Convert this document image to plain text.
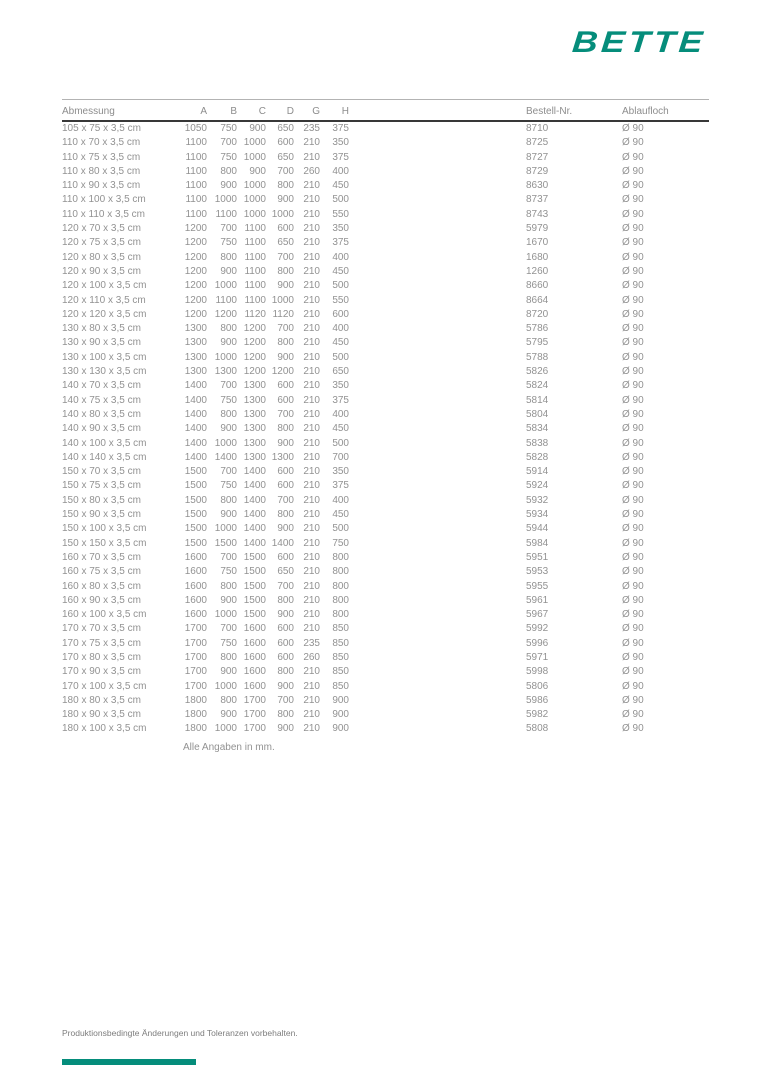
BETTE
Abmessung	A	B	C	D	G	H		Bestell-Nr.	Ablaufloch
105 x 75 x 3,5 cm	1050	750	900	650	235	375		8710	Ø 90
110 x 70 x 3,5 cm	1100	700	1000	600	210	350		8725	Ø 90
110 x 75 x 3,5 cm	1100	750	1000	650	210	375		8727	Ø 90
110 x 80 x 3,5 cm	1100	800	900	700	260	400		8729	Ø 90
110 x 90 x 3,5 cm	1100	900	1000	800	210	450		8630	Ø 90
110 x 100 x 3,5 cm	1100	1000	1000	900	210	500		8737	Ø 90
110 x 110 x 3,5 cm	1100	1100	1000	1000	210	550		8743	Ø 90
120 x 70 x 3,5 cm	1200	700	1100	600	210	350		5979	Ø 90
120 x 75 x 3,5 cm	1200	750	1100	650	210	375		1670	Ø 90
120 x 80 x 3,5 cm	1200	800	1100	700	210	400		1680	Ø 90
120 x 90 x 3,5 cm	1200	900	1100	800	210	450		1260	Ø 90
120 x 100 x 3,5 cm	1200	1000	1100	900	210	500		8660	Ø 90
120 x 110 x 3,5 cm	1200	1100	1100	1000	210	550		8664	Ø 90
120 x 120 x 3,5 cm	1200	1200	1120	1120	210	600		8720	Ø 90
130 x 80 x 3,5 cm	1300	800	1200	700	210	400		5786	Ø 90
130 x 90 x 3,5 cm	1300	900	1200	800	210	450		5795	Ø 90
130 x 100 x 3,5 cm	1300	1000	1200	900	210	500		5788	Ø 90
130 x 130 x 3,5 cm	1300	1300	1200	1200	210	650		5826	Ø 90
140 x 70 x 3,5 cm	1400	700	1300	600	210	350		5824	Ø 90
140 x 75 x 3,5 cm	1400	750	1300	600	210	375		5814	Ø 90
140 x 80 x 3,5 cm	1400	800	1300	700	210	400		5804	Ø 90
140 x 90 x 3,5 cm	1400	900	1300	800	210	450		5834	Ø 90
140 x 100 x 3,5 cm	1400	1000	1300	900	210	500		5838	Ø 90
140 x 140 x 3,5 cm	1400	1400	1300	1300	210	700		5828	Ø 90
150 x 70 x 3,5 cm	1500	700	1400	600	210	350		5914	Ø 90
150 x 75 x 3,5 cm	1500	750	1400	600	210	375		5924	Ø 90
150 x 80 x 3,5 cm	1500	800	1400	700	210	400		5932	Ø 90
150 x 90 x 3,5 cm	1500	900	1400	800	210	450		5934	Ø 90
150 x 100 x 3,5 cm	1500	1000	1400	900	210	500		5944	Ø 90
150 x 150 x 3,5 cm	1500	1500	1400	1400	210	750		5984	Ø 90
160 x 70 x 3,5 cm	1600	700	1500	600	210	800		5951	Ø 90
160 x 75 x 3,5 cm	1600	750	1500	650	210	800		5953	Ø 90
160 x 80 x 3,5 cm	1600	800	1500	700	210	800		5955	Ø 90
160 x 90 x 3,5 cm	1600	900	1500	800	210	800		5961	Ø 90
160 x 100 x 3,5 cm	1600	1000	1500	900	210	800		5967	Ø 90
170 x 70 x 3,5 cm	1700	700	1600	600	210	850		5992	Ø 90
170 x 75 x 3,5 cm	1700	750	1600	600	235	850		5996	Ø 90
170 x 80 x 3,5 cm	1700	800	1600	600	260	850		5971	Ø 90
170 x 90 x 3,5 cm	1700	900	1600	800	210	850		5998	Ø 90
170 x 100 x 3,5 cm	1700	1000	1600	900	210	850		5806	Ø 90
180 x 80 x 3,5 cm	1800	800	1700	700	210	900		5986	Ø 90
180 x 90 x 3,5 cm	1800	900	1700	800	210	900		5982	Ø 90
180 x 100 x 3,5 cm	1800	1000	1700	900	210	900		5808	Ø 90
Alle Angaben in mm.
Produktionsbedingte Änderungen und Toleranzen vorbehalten.
